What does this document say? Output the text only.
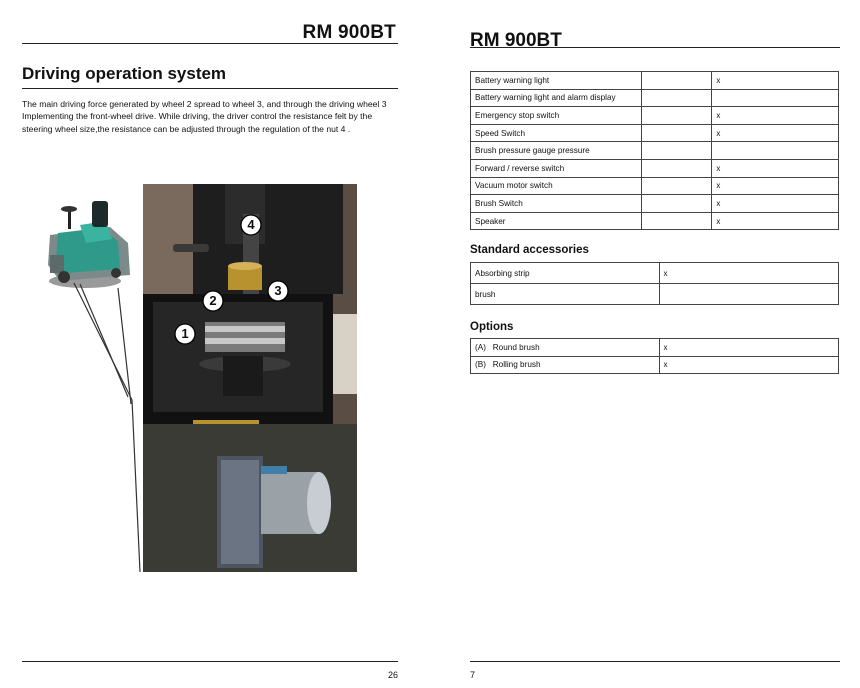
RM 900BT
Driving operation system
The main driving force generated by wheel 2 spread to wheel 3, and through the driving wheel 3 Implementing the front-wheel drive. While driving, the driver control the resistance felt by the steering wheel size,the resistance can be adjusted through the regulation of the nut 4 .
4
2
3
1
26
RM 900BT
Battery warning light		x
Battery warning light and alarm display		
Emergency stop switch		x
Speed Switch		x
Brush pressure gauge pressure		
Forward / reverse switch		x
Vacuum motor switch		x
Brush Switch		x
Speaker		x
Standard accessories
Absorbing strip	x
brush	
Options
(A) Round brush	x
(B) Rolling brush	x
7
